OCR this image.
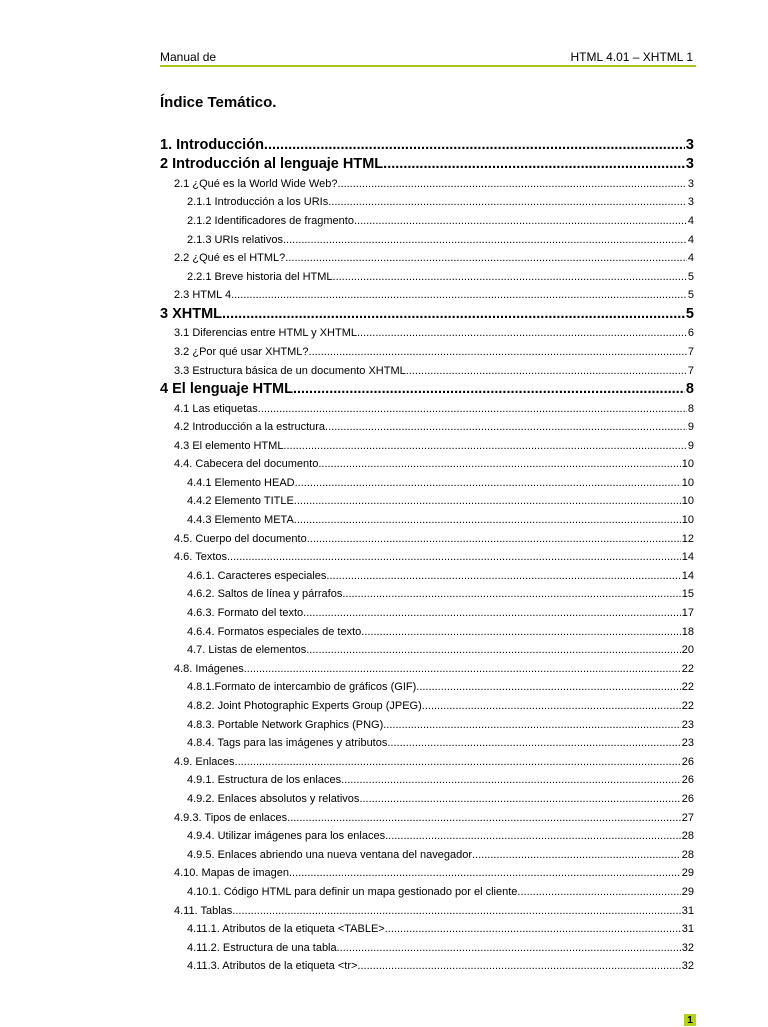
Manual de	HTML 4.01 – XHTML 1
Índice Temático.
1. Introducción .....	3
2 Introducción al lenguaje HTML .....	3
2.1 ¿Qué es la World Wide Web? .....	3
2.1.1 Introducción a los URIs .....	3
2.1.2 Identificadores de fragmento .....	4
2.1.3 URIs relativos .....	4
2.2 ¿Qué es el HTML? .....	4
2.2.1 Breve historia del HTML .....	5
2.3 HTML 4 .....	5
3 XHTML .....	5
3.1 Diferencias entre HTML y XHTML .....	6
3.2 ¿Por qué usar XHTML? .....	7
3.3 Estructura básica de un documento XHTML. .....	7
4 El lenguaje HTML .....	8
4.1 Las etiquetas. .....	8
4.2 Introducción a la estructura. .....	9
4.3 El elemento HTML. .....	9
4.4. Cabecera del documento .....	10
4.4.1 Elemento HEAD .....	10
4.4.2 Elemento TITLE. .....	10
4.4.3 Elemento META .....	10
4.5. Cuerpo del documento .....	12
4.6. Textos .....	14
4.6.1. Caracteres especiales .....	14
4.6.2. Saltos de línea y párrafos .....	15
4.6.3. Formato del texto .....	17
4.6.4. Formatos especiales de texto .....	18
4.7. Listas de elementos .....	20
4.8. Imágenes .....	22
4.8.1.Formato de intercambio de gráficos (GIF) .....	22
4.8.2. Joint Photographic Experts Group (JPEG) .....	22
4.8.3. Portable Network Graphics (PNG) .....	23
4.8.4. Tags para las imágenes y atributos .....	23
4.9. Enlaces .....	26
4.9.1. Estructura de los enlaces .....	26
4.9.2. Enlaces absolutos y relativos .....	26
4.9.3. Tipos de enlaces .....	27
4.9.4. Utilizar imágenes para los enlaces .....	28
4.9.5. Enlaces abriendo una nueva ventana del navegador .....	28
4.10. Mapas de imagen .....	29
4.10.1. Código HTML para definir un mapa gestionado por el cliente .....	29
4.11. Tablas .....	31
4.11.1. Atributos de la etiqueta <TABLE> .....	31
4.11.2. Estructura de una tabla .....	32
4.11.3. Atributos de la etiqueta <tr> .....	32
1
